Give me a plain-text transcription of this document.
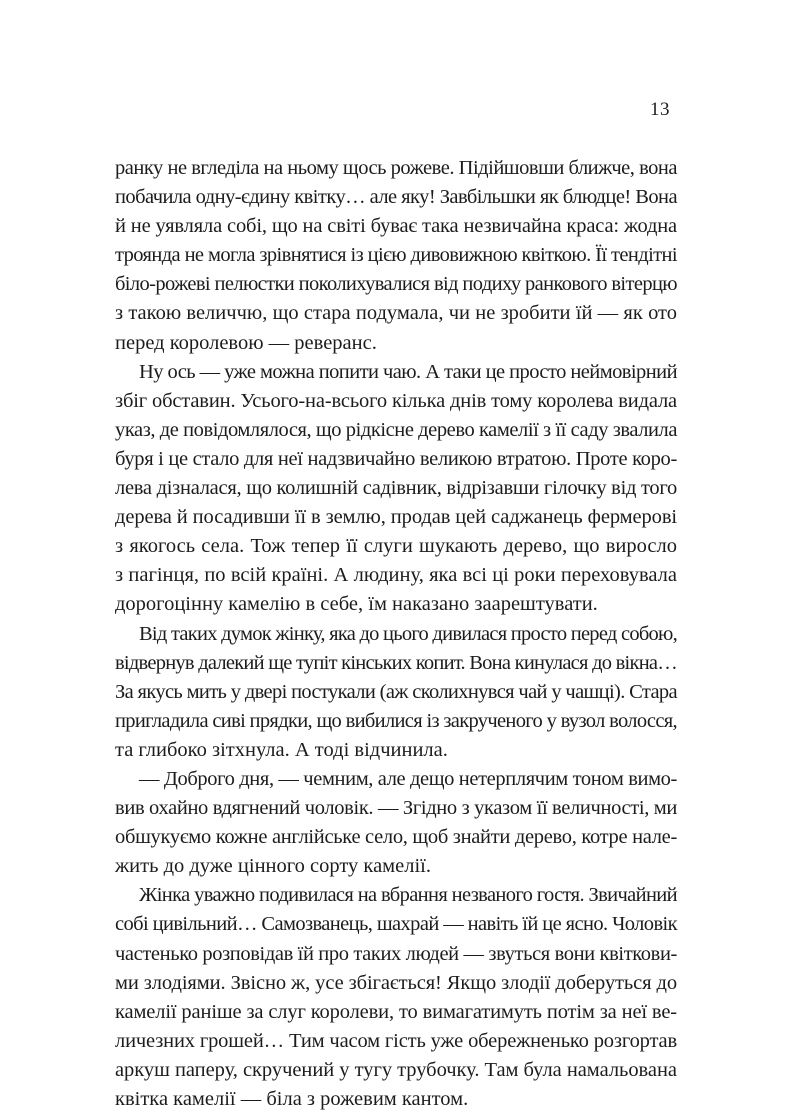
13
ранку не вгледіла на ньому щось рожеве. Підійшовши ближче, вона
побачила одну-єдину квітку… але яку! Завбільшки як блюдце! Вона
й не уявляла собі, що на світі буває така незвичайна краса: жодна
троянда не могла зрівнятися із цією дивовижною квіткою. Її тендітні
біло-рожеві пелюстки поколихувалися від подиху ранкового вітерцю
з такою величчю, що стара подумала, чи не зробити їй — як ото
перед королевою — реверанс.
Ну ось — уже можна попити чаю. А таки це просто неймовірний
збіг обставин. Усього-на-всього кілька днів тому королева видала
указ, де повідомлялося, що рідкісне дерево камелії з її саду звалила
буря і це стало для неї надзвичайно великою втратою. Проте коро-
лева дізналася, що колишній садівник, відрізавши гілочку від того
дерева й посадивши її в землю, продав цей саджанець фермерові
з якогось села. Тож тепер її слуги шукають дерево, що виросло
з пагінця, по всій країні. А людину, яка всі ці роки переховувала
дорогоцінну камелію в себе, їм наказано заарештувати.
Від таких думок жінку, яка до цього дивилася просто перед собою,
відвернув далекий ще тупіт кінських копит. Вона кинулася до вікна…
За якусь мить у двері постукали (аж сколихнувся чай у чашці). Стара
пригладила сиві прядки, що вибилися із закрученого у вузол волосся,
та глибоко зітхнула. А тоді відчинила.
— Доброго дня, — чемним, але дещо нетерплячим тоном вимо-
вив охайно вдягнений чоловік. — Згідно з указом її величності, ми
обшукуємо кожне англійське село, щоб знайти дерево, котре нале-
жить до дуже цінного сорту камелії.
Жінка уважно подивилася на вбрання незваного гостя. Звичайний
собі цивільний… Самозванець, шахрай — навіть їй це ясно. Чоловік
частенько розповідав їй про таких людей — звуться вони квіткови-
ми злодіями. Звісно ж, усе збігається! Якщо злодії доберуться до
камелії раніше за слуг королеви, то вимагатимуть потім за неї ве-
личезних грошей… Тим часом гість уже обережненько розгортав
аркуш паперу, скручений у тугу трубочку. Там була намальована
квітка камелії — біла з рожевим кантом.
